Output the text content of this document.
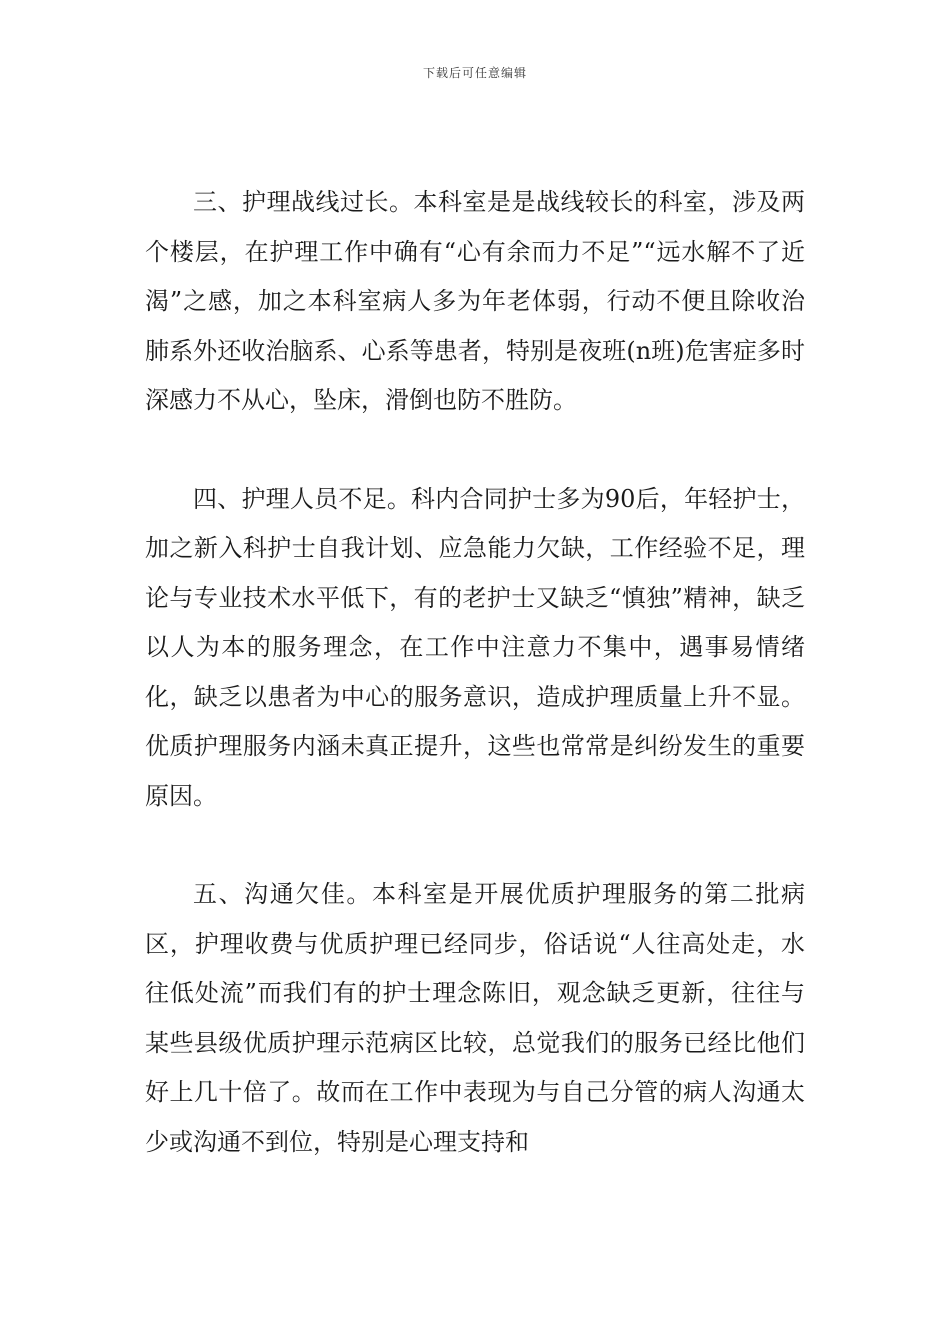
下载后可任意编辑

三、护理战线过长。本科室是是战线较长的科室，涉及两个楼层，在护理工作中确有“心有余而力不足”“远水解不了近渴”之感，加之本科室病人多为年老体弱，行动不便且除收治肺系外还收治脑系、心系等患者，特别是夜班(n班)危害症多时深感力不从心，坠床，滑倒也防不胜防。

四、护理人员不足。科内合同护士多为90后，年轻护士，加之新入科护士自我计划、应急能力欠缺，工作经验不足，理论与专业技术水平低下，有的老护士又缺乏“慎独”精神，缺乏以人为本的服务理念，在工作中注意力不集中，遇事易情绪化，缺乏以患者为中心的服务意识，造成护理质量上升不显。优质护理服务内涵未真正提升，这些也常常是纠纷发生的重要原因。

五、沟通欠佳。本科室是开展优质护理服务的第二批病区，护理收费与优质护理已经同步，俗话说“人往高处走，水往低处流”而我们有的护士理念陈旧，观念缺乏更新，往往与某些县级优质护理示范病区比较，总觉我们的服务已经比他们好上几十倍了。故而在工作中表现为与自己分管的病人沟通太少或沟通不到位，特别是心理支持和
